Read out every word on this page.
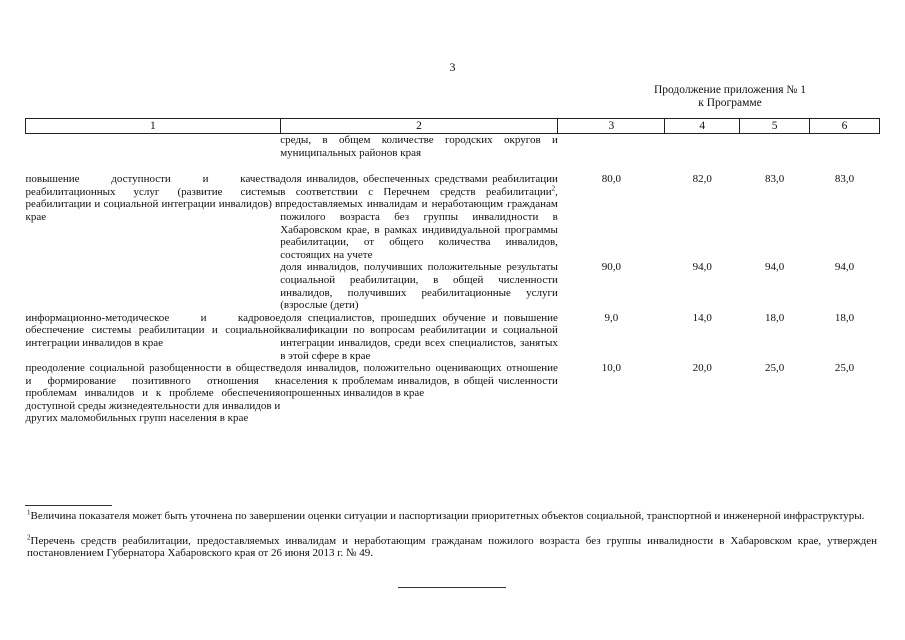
3
Продолжение приложения № 1
к Программе
1	2	3	4	5	6
	среды, в общем количестве городских округов и муниципальных районов края				
повышение доступности и качества реабилитационных услуг (развитие системы реабилитации и социальной интеграции инвалидов) в крае	доля инвалидов, обеспеченных средствами реабилитации в соответствии с Перечнем средств реабилитации$^2$, предоставляемых инвалидам и неработающим гражданам пожилого возраста без группы инвалидности в Хабаровском крае, в рамках индивидуальной программы реабилитации, от общего количества инвалидов, состоящих на учете	80,0	82,0	83,0	83,0
	доля инвалидов, получивших положительные результаты социальной реабилитации, в общей численности инвалидов, получивших реабилитационные услуги (взрослые (дети)	90,0	94,0	94,0	94,0
информационно-методическое и кадровое обеспечение системы реабилитации и социальной интеграции инвалидов в крае	доля специалистов, прошедших обучение и повышение квалификации по вопросам реабилитации и социальной интеграции инвалидов, среди всех специалистов, занятых в этой сфере в крае	9,0	14,0	18,0	18,0
преодоление социальной разобщенности в обществе и формирование позитивного отношения к проблемам инвалидов и к проблеме обеспечения доступной среды жизнедеятельности для инвалидов и других маломобильных групп населения в крае	доля инвалидов, положительно оценивающих отношение населения к проблемам инвалидов, в общей численности опрошенных инвалидов в крае	10,0	20,0	25,0	25,0
$^1$Величина показателя может быть уточнена по завершении оценки ситуации и паспортизации приоритетных объектов социальной, транспортной и инженерной инфраструктуры.
$^2$Перечень средств реабилитации, предоставляемых инвалидам и неработающим гражданам пожилого возраста без группы инвалидности в Хабаровском крае, утвержден постановлением Губернатора Хабаровского края от 26 июня 2013 г. № 49.
